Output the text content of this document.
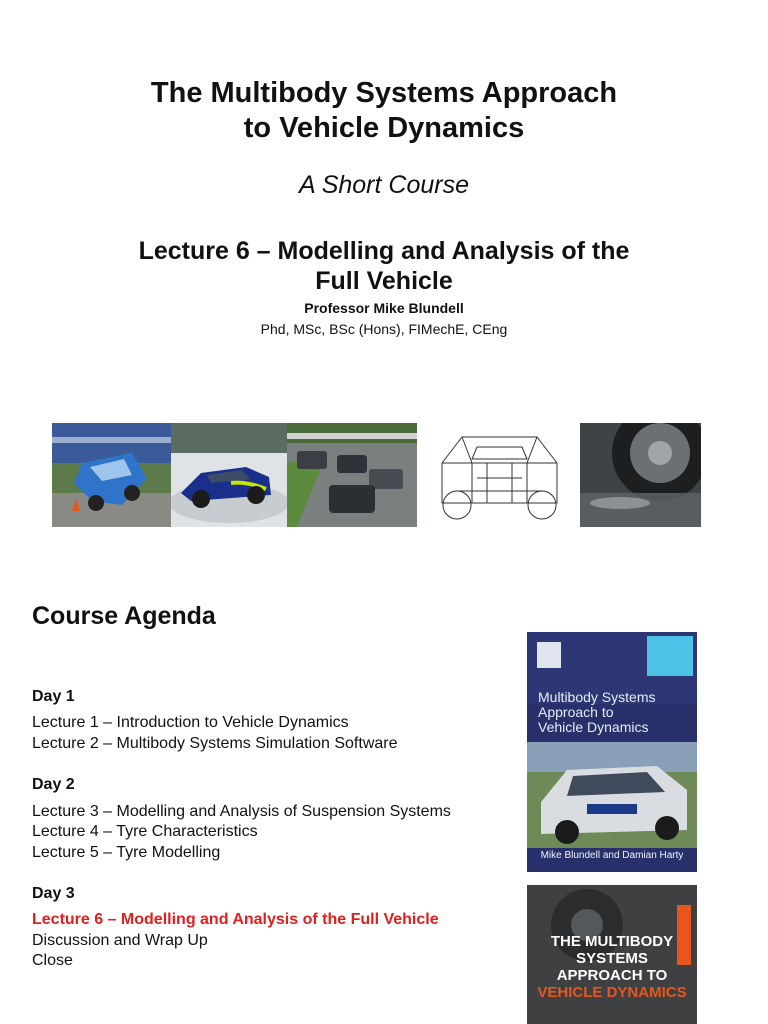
The Multibody Systems Approach
to Vehicle Dynamics
A Short Course
Lecture 6 – Modelling and Analysis of the
Full Vehicle
Professor Mike Blundell
Phd, MSc, BSc (Hons), FIMechE, CEng
Course Agenda
Day 1
Lecture 1 – Introduction to Vehicle Dynamics
Lecture 2 – Multibody Systems Simulation Software
Day 2
Lecture 3 – Modelling and Analysis of Suspension Systems
Lecture 4 – Tyre Characteristics
Lecture 5 – Tyre Modelling
Day 3
Lecture 6 – Modelling and Analysis of the Full Vehicle
Discussion and Wrap Up
Close
Multibody Systems
Approach to
Vehicle Dynamics
Mike Blundell and Damian Harty
THE MULTIBODY
SYSTEMS
APPROACH TO
VEHICLE DYNAMICS
